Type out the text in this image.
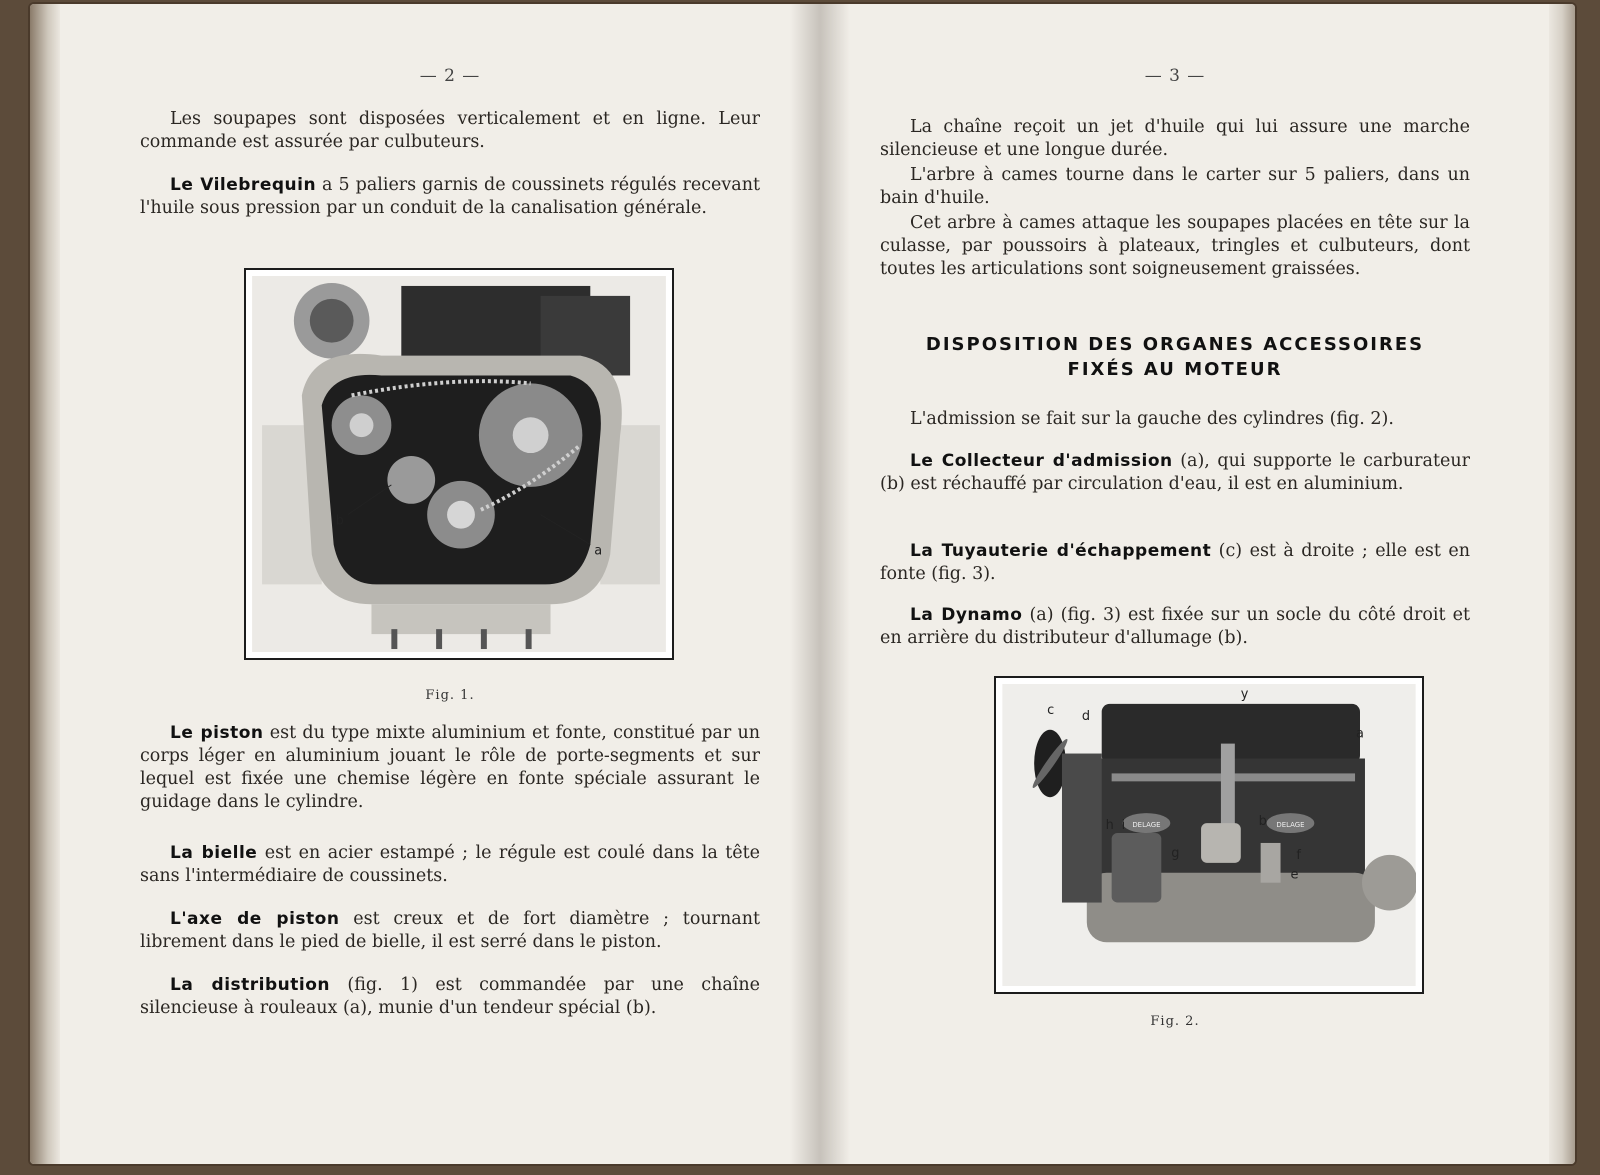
— 2 —

Les soupapes sont disposées verticalement et en ligne. Leur commande est assurée par culbuteurs.

Le Vilebrequin a 5 paliers garnis de coussinets régulés recevant l'huile sous pression par un conduit de la canalisation générale.

b
a
Fig. 1.

Le piston est du type mixte aluminium et fonte, constitué par un corps léger en aluminium jouant le rôle de porte-segments et sur lequel est fixée une chemise légère en fonte spéciale assurant le guidage dans le cylindre.

La bielle est en acier estampé ; le régule est coulé dans la tête sans l'intermédiaire de coussinets.

L'axe de piston est creux et de fort diamètre ; tournant librement dans le pied de bielle, il est serré dans le piston.

La distribution (fig. 1) est commandée par une chaîne silencieuse à rouleaux (a), munie d'un tendeur spécial (b).

— 3 —

La chaîne reçoit un jet d'huile qui lui assure une marche silencieuse et une longue durée.

L'arbre à cames tourne dans le carter sur 5 paliers, dans un bain d'huile.

Cet arbre à cames attaque les soupapes placées en tête sur la culasse, par poussoirs à plateaux, tringles et culbuteurs, dont toutes les articulations sont soigneusement graissées.

DISPOSITION DES ORGANES ACCESSOIRES
FIXÉS AU MOTEUR

L'admission se fait sur la gauche des cylindres (fig. 2).

Le Collecteur d'admission (a), qui supporte le carburateur (b) est réchauffé par circulation d'eau, il est en aluminium.

La Tuyauterie d'échappement (c) est à droite ; elle est en fonte (fig. 3).

La Dynamo (a) (fig. 3) est fixée sur un socle du côté droit et en arrière du distributeur d'allumage (b).

c d
y
a
b
h i
g	f
e
DELAGE	DELAGE
Fig. 2.
